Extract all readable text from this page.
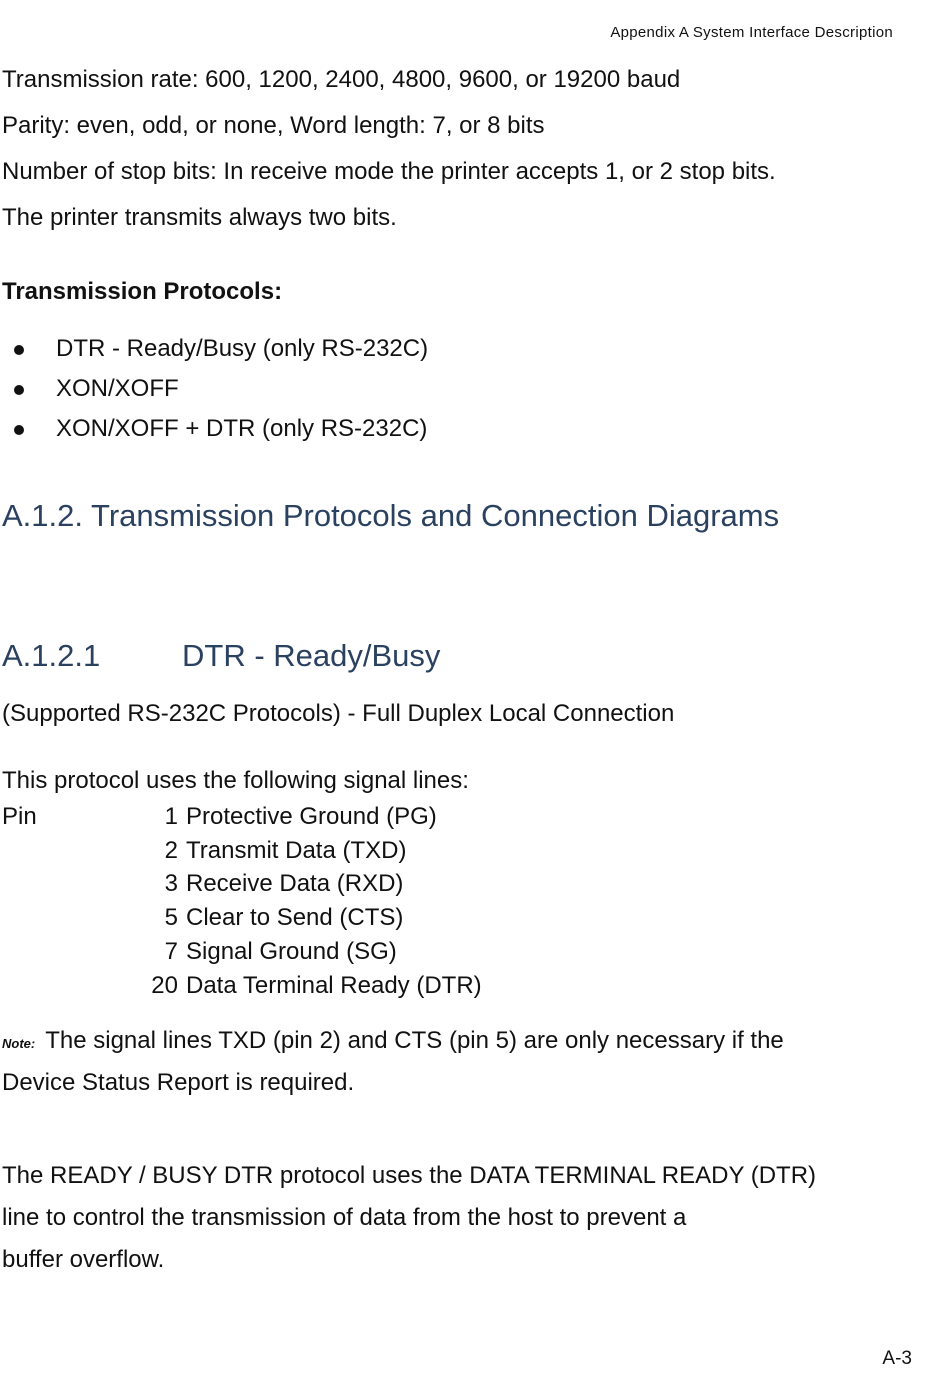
Appendix A System Interface Description
Transmission rate: 600, 1200, 2400, 4800, 9600, or 19200 baud
Parity: even, odd, or none, Word length: 7, or 8 bits
Number of stop bits: In receive mode the printer accepts 1, or 2 stop bits.
The printer transmits always two bits.
Transmission Protocols:
DTR - Ready/Busy (only RS-232C)
XON/XOFF
XON/XOFF + DTR (only RS-232C)
A.1.2. Transmission Protocols and Connection Diagrams
A.1.2.1	DTR - Ready/Busy
(Supported RS-232C Protocols) - Full Duplex Local Connection
This protocol uses the following signal lines:
Pin	1	Protective Ground (PG)
	2	Transmit Data (TXD)
	3	Receive Data (RXD)
	5	Clear to Send (CTS)
	7	Signal Ground (SG)
	20	Data Terminal Ready (DTR)
Note: The signal lines TXD (pin 2) and CTS (pin 5) are only necessary if the
Device Status Report is required.
The READY / BUSY DTR protocol uses the DATA TERMINAL READY (DTR)
line to control the transmission of data from the host to prevent a
buffer overflow.
A-3
